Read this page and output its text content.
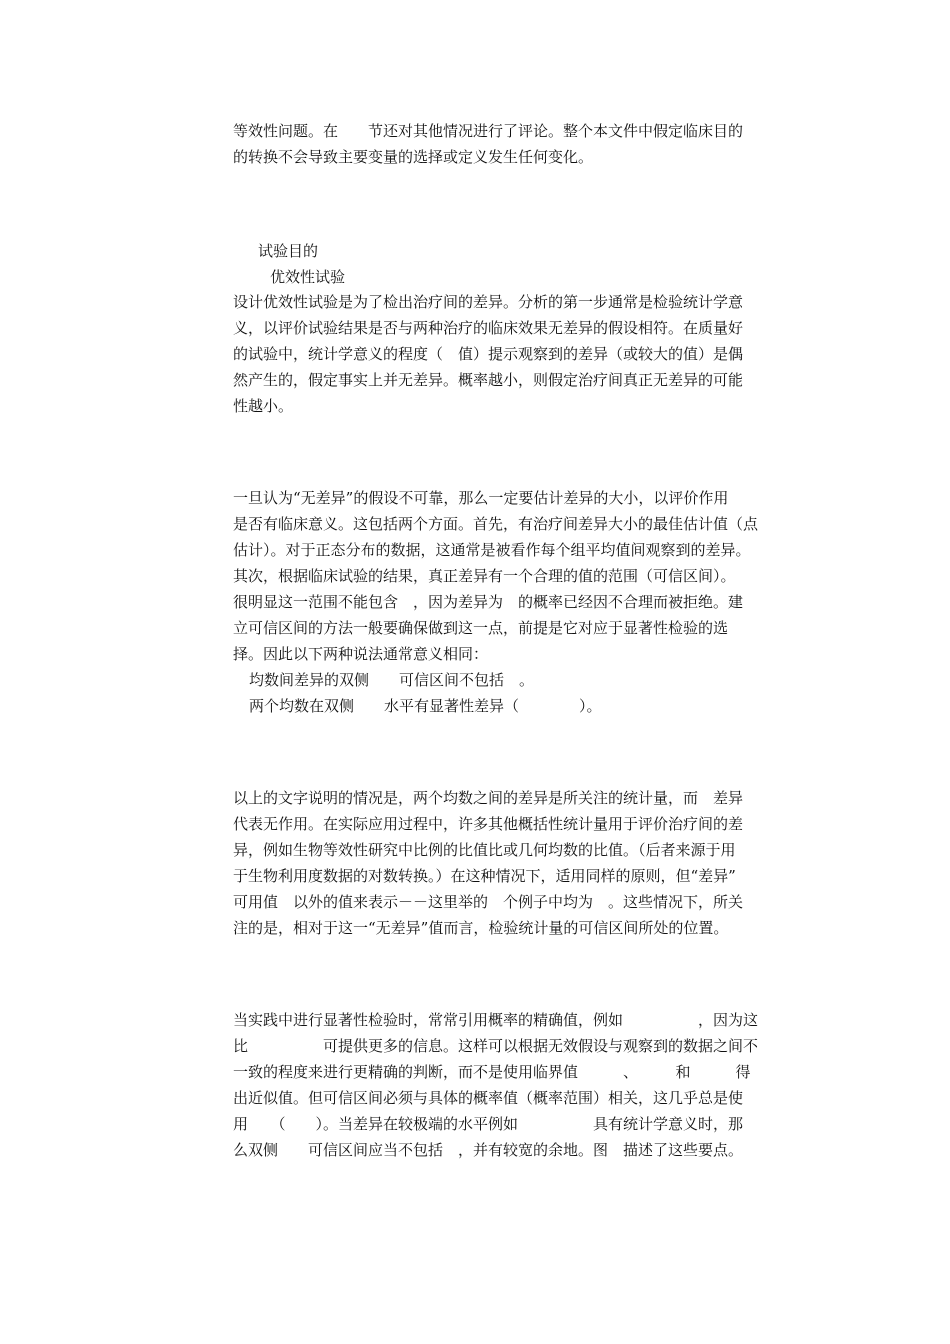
等效性问题。在　　节还对其他情况进行了评论。整个本文件中假定临床目的
的转换不会导致主要变量的选择或定义发生任何变化。
试验目的
优效性试验
设计优效性试验是为了检出治疗间的差异。分析的第一步通常是检验统计学意
义，以评价试验结果是否与两种治疗的临床效果无差异的假设相符。在质量好
的试验中，统计学意义的程度（　值）提示观察到的差异（或较大的值）是偶
然产生的，假定事实上并无差异。概率越小，则假定治疗间真正无差异的可能
性越小。
一旦认为“无差异”的假设不可靠，那么一定要估计差异的大小，以评价作用
是否有临床意义。这包括两个方面。首先，有治疗间差异大小的最佳估计值（点
估计）。对于正态分布的数据，这通常是被看作每个组平均值间观察到的差异。
其次，根据临床试验的结果，真正差异有一个合理的值的范围（可信区间）。
很明显这一范围不能包含　，因为差异为　的概率已经因不合理而被拒绝。建
立可信区间的方法一般要确保做到这一点，前提是它对应于显著性检验的选
择。因此以下两种说法通常意义相同：
均数间差异的双侧　　可信区间不包括　。
两个均数在双侧　　水平有显著性差异（　　　　）。
以上的文字说明的情况是，两个均数之间的差异是所关注的统计量，而　差异
代表无作用。在实际应用过程中，许多其他概括性统计量用于评价治疗间的差
异，例如生物等效性研究中比例的比值比或几何均数的比值。（后者来源于用
于生物利用度数据的对数转换。）在这种情况下，适用同样的原则，但“差异”
可用值　以外的值来表示－－这里举的　个例子中均为　。这些情况下，所关
注的是，相对于这一“无差异”值而言，检验统计量的可信区间所处的位置。
当实践中进行显著性检验时，常常引用概率的精确值，例如　　　　　，因为这
比　　　　　可提供更多的信息。这样可以根据无效假设与观察到的数据之间不
一致的程度来进行更精确的判断，而不是使用临界值　　　、　　　和　　　得
出近似值。但可信区间必须与具体的概率值（概率范围）相关，这几乎总是使
用　　（　　）。当差异在较极端的水平例如　　　　　具有统计学意义时，那
么双侧　　可信区间应当不包括　，并有较宽的余地。图　描述了这些要点。
